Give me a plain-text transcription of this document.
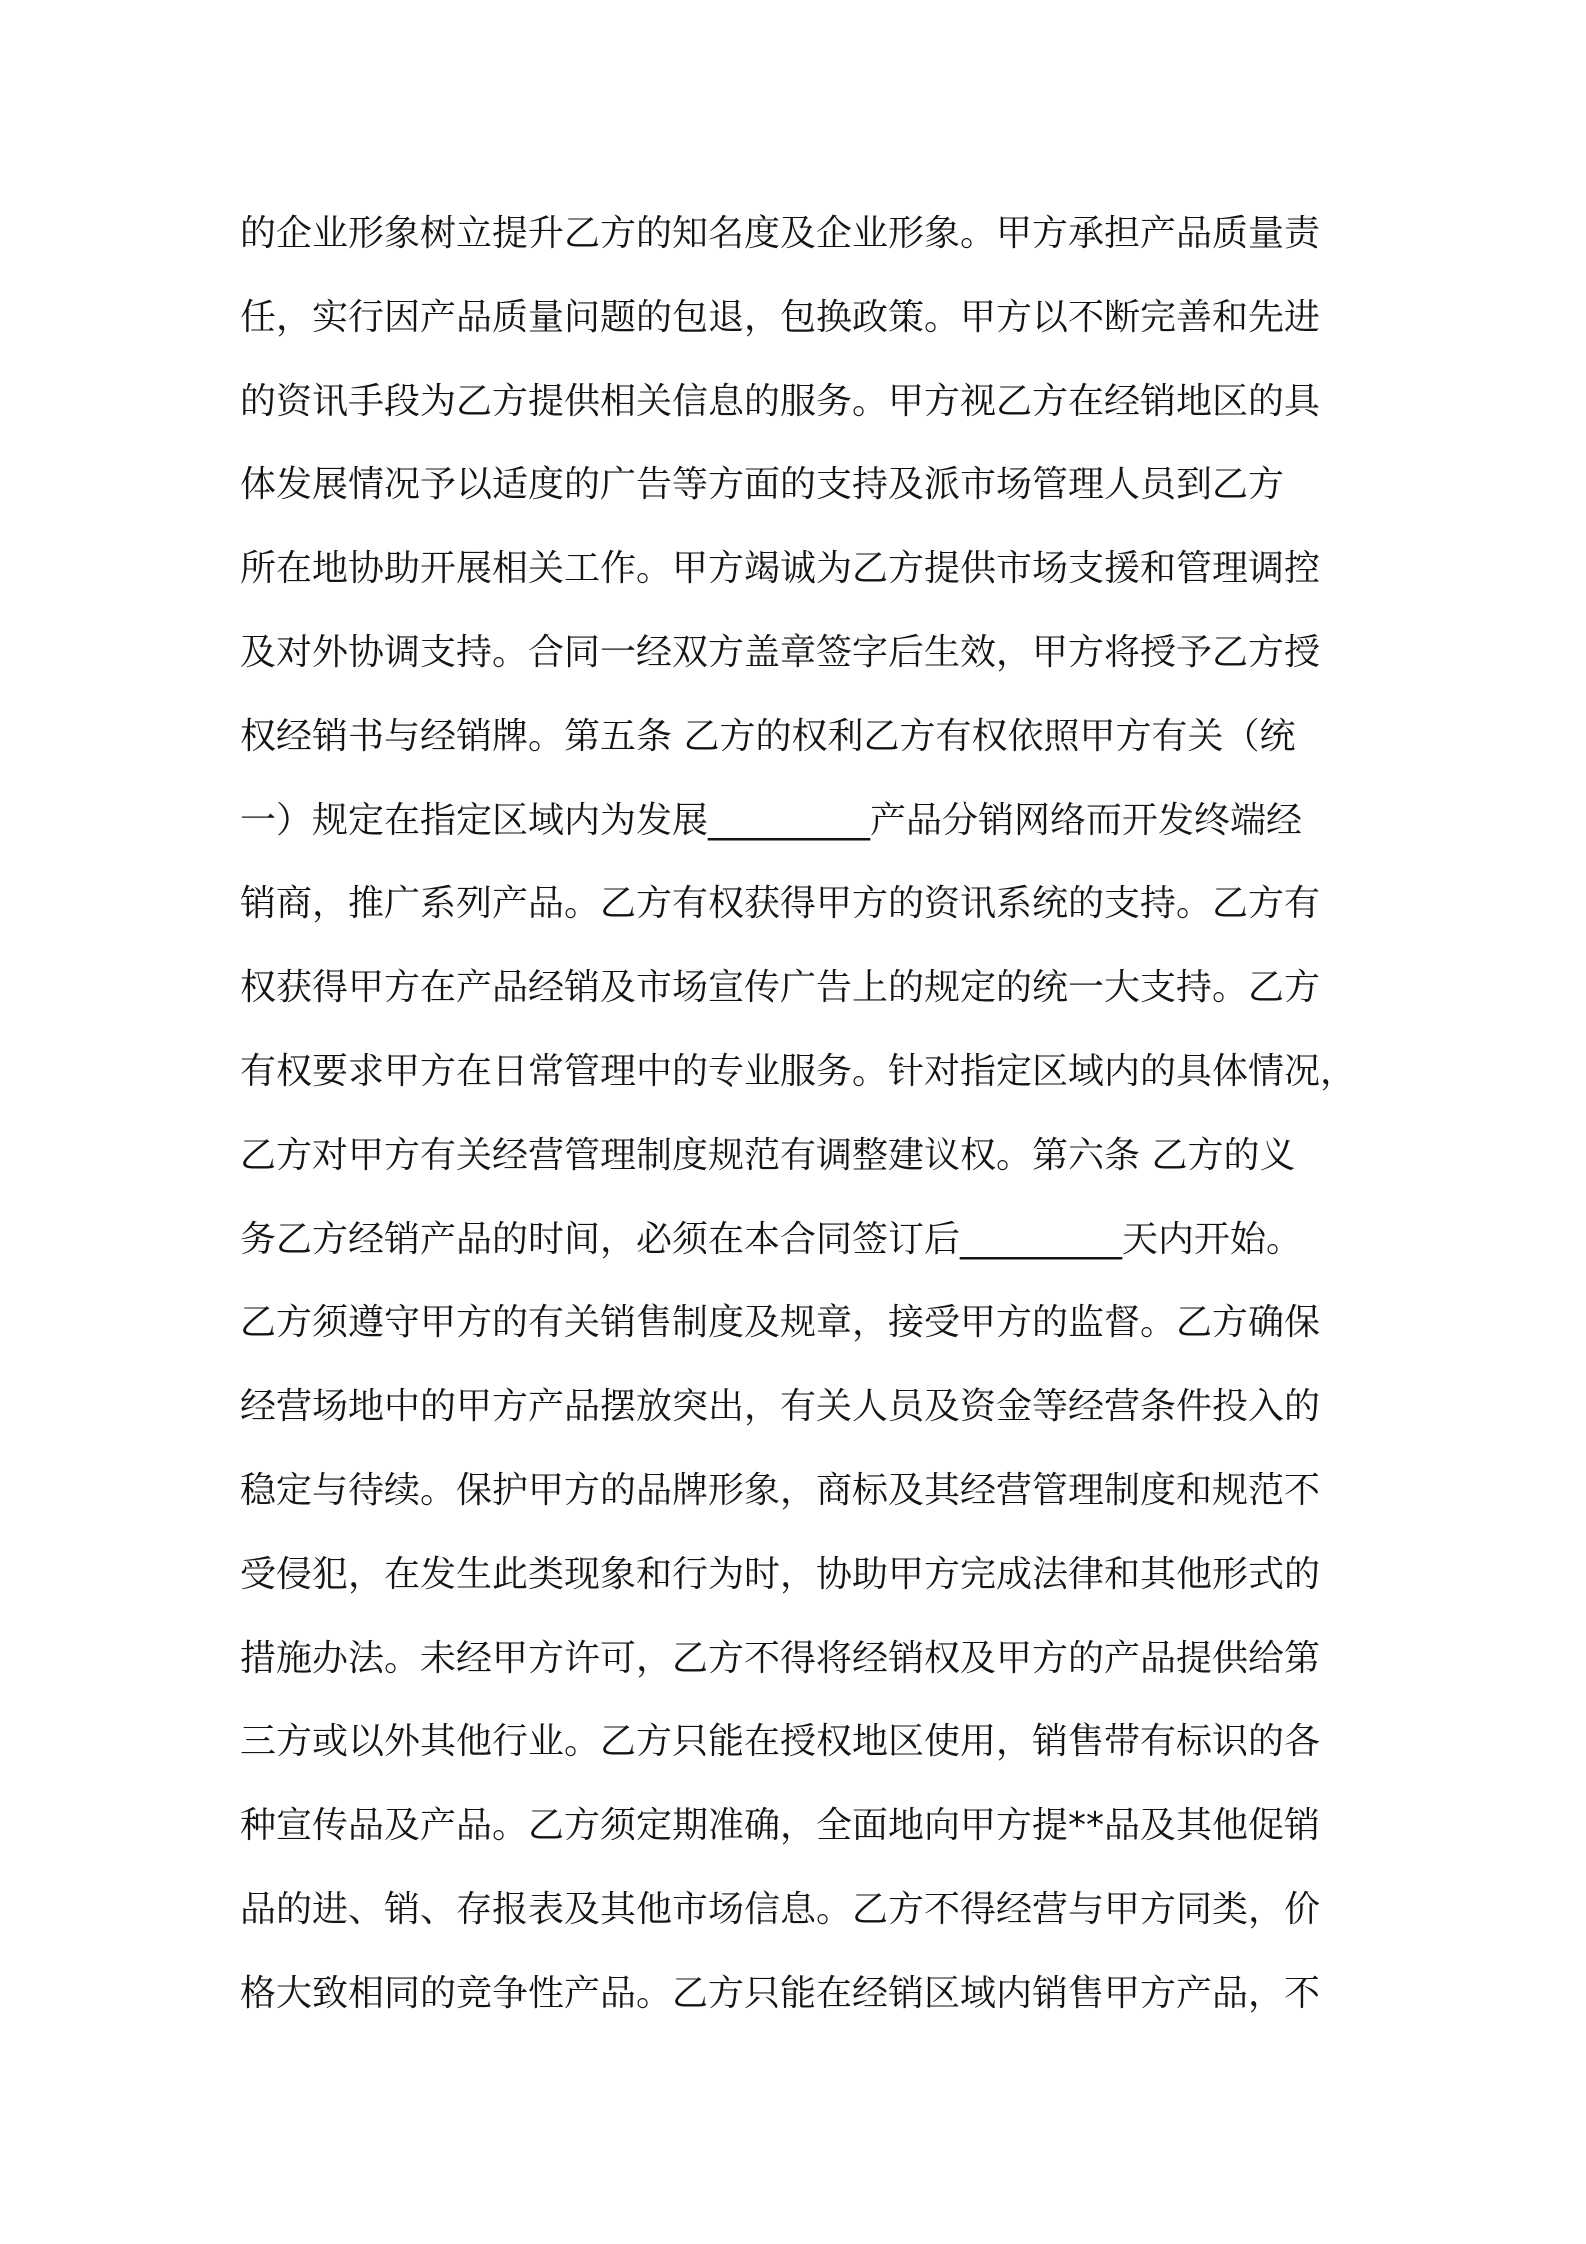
的企业形象树立提升乙方的知名度及企业形象。甲方承担产品质量责
任，实行因产品质量问题的包退，包换政策。甲方以不断完善和先进
的资讯手段为乙方提供相关信息的服务。甲方视乙方在经销地区的具
体发展情况予以适度的广告等方面的支持及派市场管理人员到乙方
所在地协助开展相关工作。甲方竭诚为乙方提供市场支援和管理调控
及对外协调支持。合同一经双方盖章签字后生效，甲方将授予乙方授
权经销书与经销牌。第五条 乙方的权利乙方有权依照甲方有关（统
一）规定在指定区域内为发展_________产品分销网络而开发终端经
销商，推广系列产品。乙方有权获得甲方的资讯系统的支持。乙方有
权获得甲方在产品经销及市场宣传广告上的规定的统一大支持。乙方
有权要求甲方在日常管理中的专业服务。针对指定区域内的具体情况，
乙方对甲方有关经营管理制度规范有调整建议权。第六条 乙方的义
务乙方经销产品的时间，必须在本合同签订后_________天内开始。
乙方须遵守甲方的有关销售制度及规章，接受甲方的监督。乙方确保
经营场地中的甲方产品摆放突出，有关人员及资金等经营条件投入的
稳定与待续。保护甲方的品牌形象，商标及其经营管理制度和规范不
受侵犯，在发生此类现象和行为时，协助甲方完成法律和其他形式的
措施办法。未经甲方许可，乙方不得将经销权及甲方的产品提供给第
三方或以外其他行业。乙方只能在授权地区使用，销售带有标识的各
种宣传品及产品。乙方须定期准确，全面地向甲方提**品及其他促销
品的进、销、存报表及其他市场信息。乙方不得经营与甲方同类，价
格大致相同的竞争性产品。乙方只能在经销区域内销售甲方产品，不
